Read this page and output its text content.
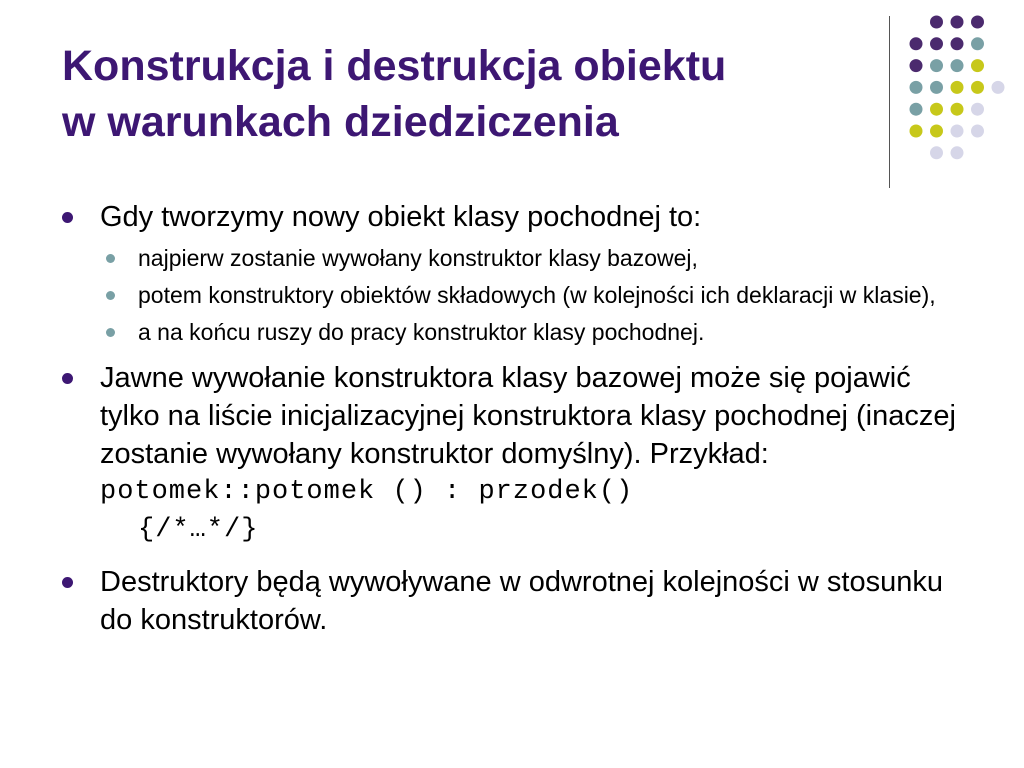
Konstrukcja i destrukcja obiektu
w warunkach dziedziczenia
Gdy tworzymy nowy obiekt klasy pochodnej to:
najpierw zostanie wywołany konstruktor klasy bazowej,
potem konstruktory obiektów składowych (w kolejności ich deklaracji w klasie),
a na końcu ruszy do pracy konstruktor klasy pochodnej.
Jawne wywołanie konstruktora klasy bazowej może się pojawić tylko na liście inicjalizacyjnej konstruktora klasy pochodnej (inaczej zostanie wywołany konstruktor domyślny). Przykład:
potomek::potomek () : przodek()
{/*…*/}
Destruktory będą wywoływane w odwrotnej kolejności w stosunku do konstruktorów.
